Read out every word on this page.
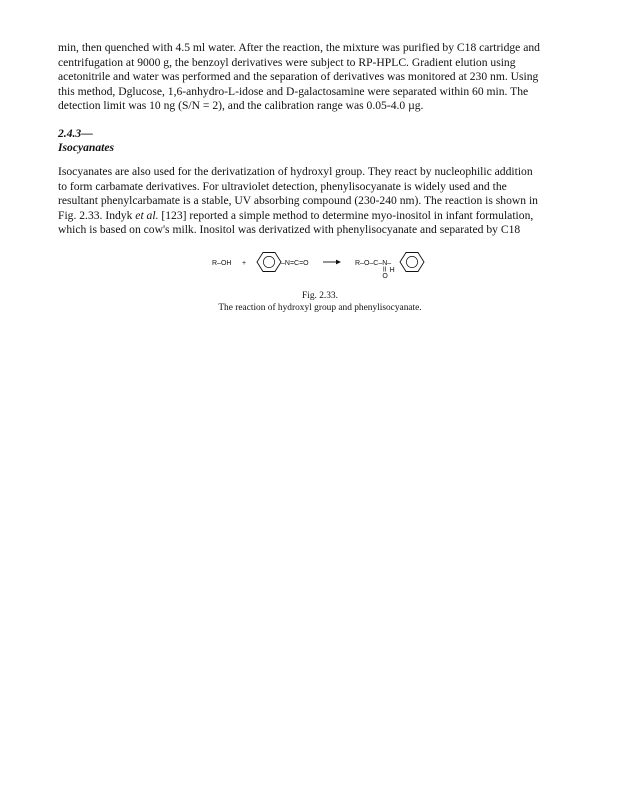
min, then quenched with 4.5 ml water. After the reaction, the mixture was purified by C18 cartridge and
centrifugation at 9000 g, the benzoyl derivatives were subject to RP-HPLC. Gradient elution using
acetonitrile and water was performed and the separation of derivatives was monitored at 230 nm. Using
this method, Dglucose, 1,6-anhydro-L-idose and D-galactosamine were separated within 60 min. The
detection limit was 10 ng (S/N = 2), and the calibration range was 0.05-4.0 µg.

2.4.3—

Isocyanates

Isocyanates are also used for the derivatization of hydroxyl group. They react by nucleophilic addition
to form carbamate derivatives. For ultraviolet detection, phenylisocyanate is widely used and the
resultant phenylcarbamate is a stable, UV absorbing compound (230-240 nm). The reaction is shown in
Fig. 2.33. Indyk et al. [123] reported a simple method to determine myo-inositol in infant formulation,
which is based on cow's milk. Inositol was derivatized with phenylisocyanate and separated by C18

R–OH +	–N=C=O	R–O–C–N–
O
H

Fig. 2.33.

The reaction of hydroxyl group and phenylisocyanate.
